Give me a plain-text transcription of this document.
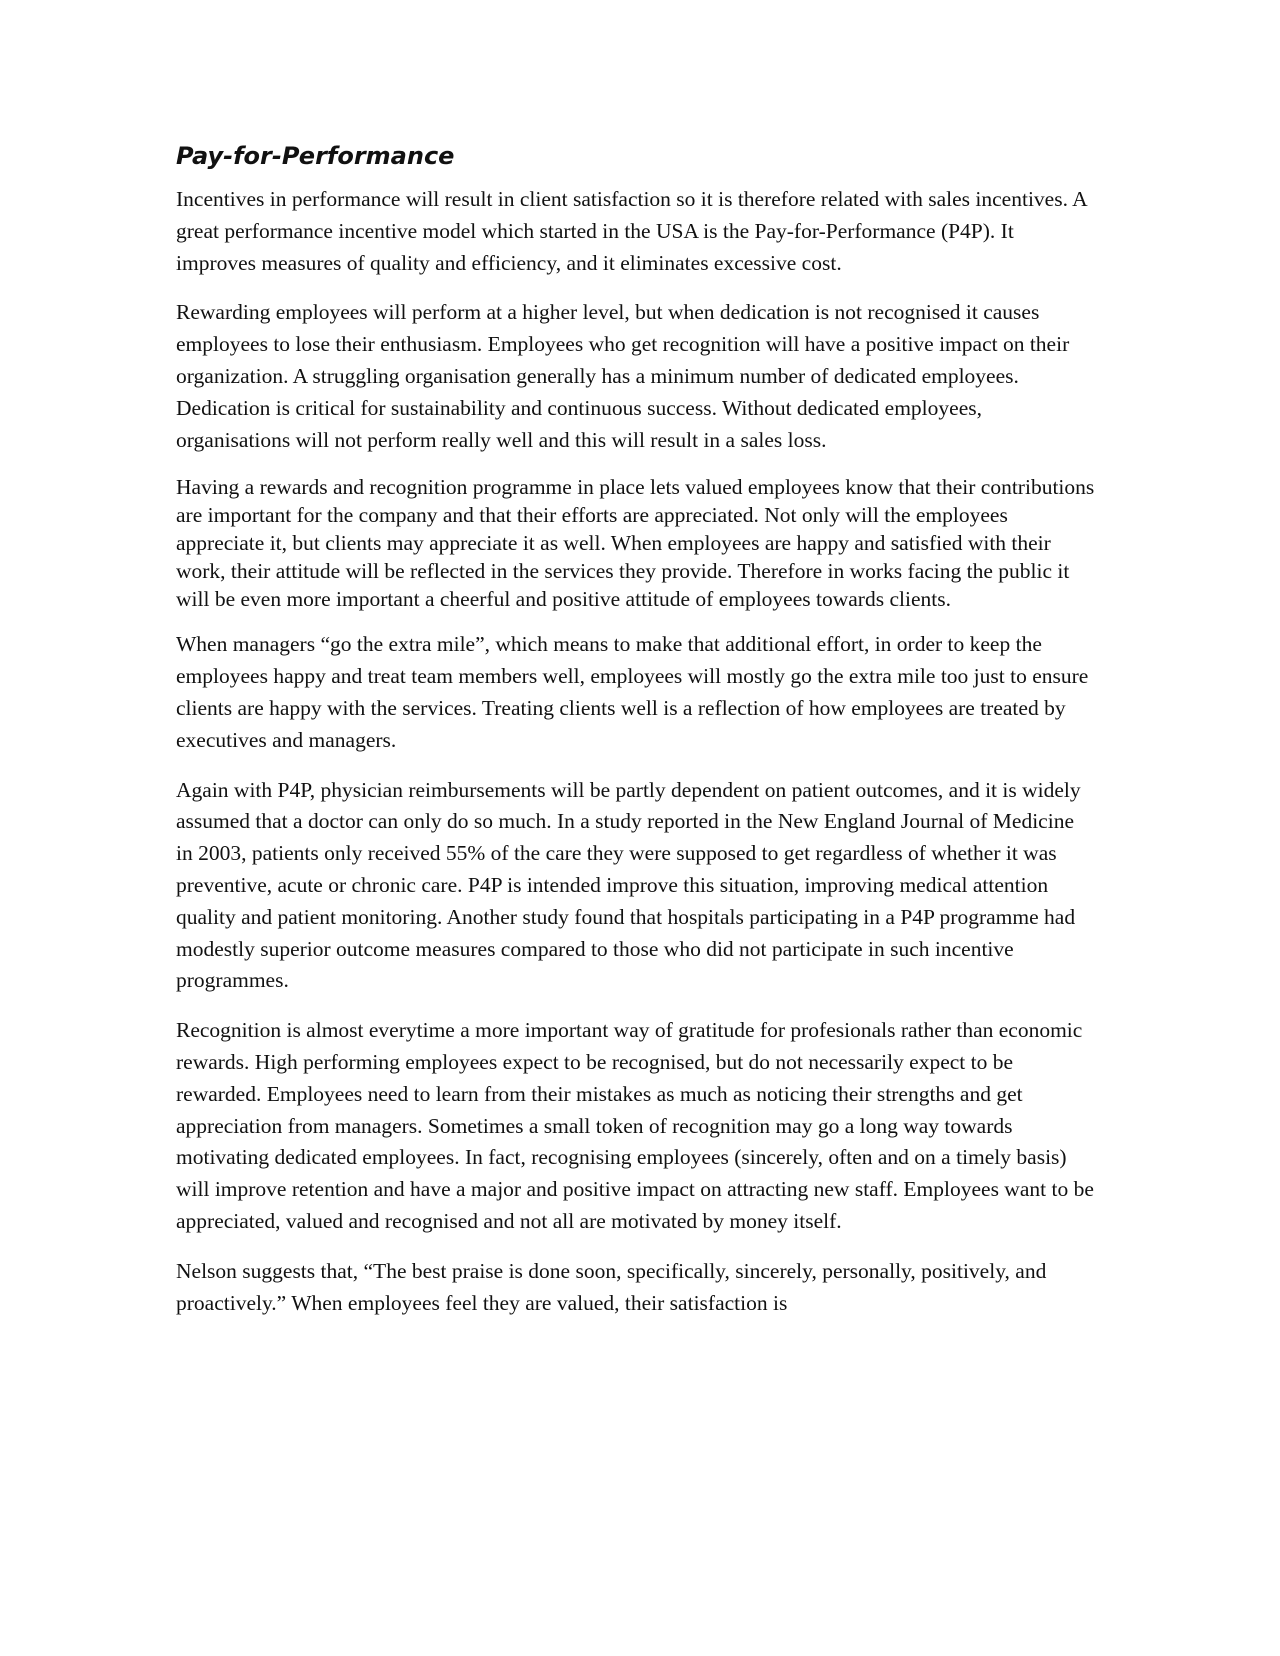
Pay-for-Performance

Incentives in performance will result in client satisfaction so it is therefore related with sales incentives. A great performance incentive model which started in the USA is the Pay-for-Performance (P4P). It improves measures of quality and efficiency, and it eliminates excessive cost.

Rewarding employees will perform at a higher level, but when dedication is not recognised it causes employees to lose their enthusiasm. Employees who get recognition will have a positive impact on their organization. A struggling organisation generally has a minimum number of dedicated employees. Dedication is critical for sustainability and continuous success. Without dedicated employees, organisations will not perform really well and this will result in a sales loss.

Having a rewards and recognition programme in place lets valued employees know that their contributions are important for the company and that their efforts are appreciated. Not only will the employees appreciate it, but clients may appreciate it as well. When employees are happy and satisfied with their work, their attitude will be reflected in the services they provide. Therefore in works facing the public it will be even more important a cheerful and positive attitude of employees towards clients.

When managers “go the extra mile”, which means to make that additional effort, in order to keep the employees happy and treat team members well, employees will mostly go the extra mile too just to ensure clients are happy with the services. Treating clients well is a reflection of how employees are treated by executives and managers.

Again with P4P, physician reimbursements will be partly dependent on patient outcomes, and it is widely assumed that a doctor can only do so much. In a study reported in the New England Journal of Medicine in 2003, patients only received 55% of the care they were supposed to get regardless of whether it was preventive, acute or chronic care. P4P is intended improve this situation, improving medical attention quality and patient monitoring. Another study found that hospitals participating in a P4P programme had modestly superior outcome measures compared to those who did not participate in such incentive programmes.

Recognition is almost everytime a more important way of gratitude for profesionals rather than economic rewards. High performing employees expect to be recognised, but do not necessarily expect to be rewarded. Employees need to learn from their mistakes as much as noticing their strengths and get appreciation from managers. Sometimes a small token of recognition may go a long way towards motivating dedicated employees. In fact, recognising employees (sincerely, often and on a timely basis) will improve retention and have a major and positive impact on attracting new staff. Employees want to be appreciated, valued and recognised and not all are motivated by money itself.

Nelson suggests that, “The best praise is done soon, specifically, sincerely, personally, positively, and proactively.” When employees feel they are valued, their satisfaction is
